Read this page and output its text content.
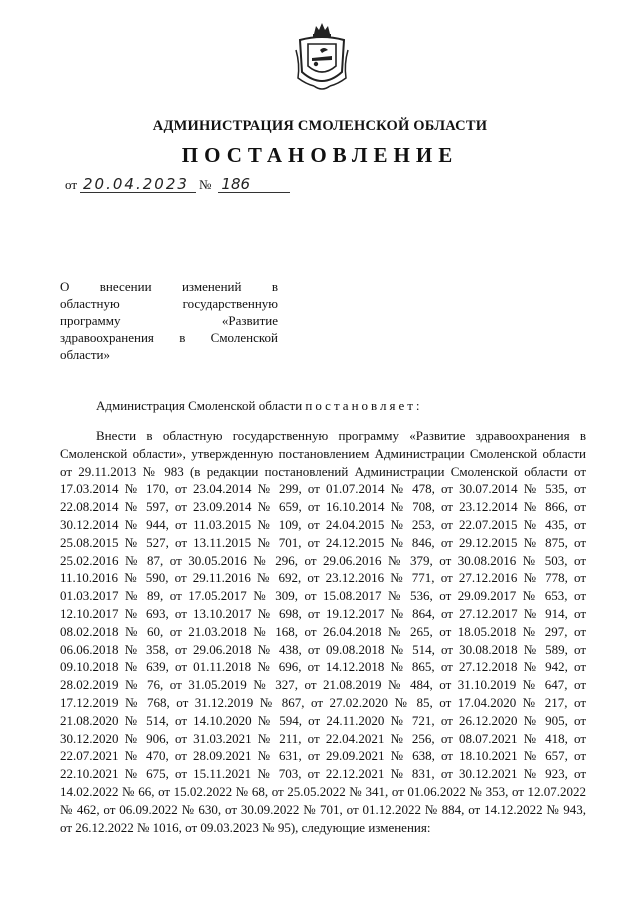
АДМИНИСТРАЦИЯ СМОЛЕНСКОЙ ОБЛАСТИ
ПОСТАНОВЛЕНИЕ
от 20.04.2023 № 186
О внесении изменений в
областную государственную
программу «Развитие
здравоохранения в Смоленской
области»
Администрация Смоленской области постановляет:
Внести в областную государственную программу «Развитие здравоохранения в Смоленской области», утвержденную постановлением Администрации Смоленской области от 29.11.2013 № 983 (в редакции постановлений Администрации Смоленской области от 17.03.2014 № 170, от 23.04.2014 № 299, от 01.07.2014 № 478, от 30.07.2014 № 535, от 22.08.2014 № 597, от 23.09.2014 № 659, от 16.10.2014 № 708, от 23.12.2014 № 866, от 30.12.2014 № 944, от 11.03.2015 № 109, от 24.04.2015 № 253, от 22.07.2015 № 435, от 25.08.2015 № 527, от 13.11.2015 № 701, от 24.12.2015 № 846, от 29.12.2015 № 875, от 25.02.2016 № 87, от 30.05.2016 № 296, от 29.06.2016 № 379, от 30.08.2016 № 503, от 11.10.2016 № 590, от 29.11.2016 № 692, от 23.12.2016 № 771, от 27.12.2016 № 778, от 01.03.2017 № 89, от 17.05.2017 № 309, от 15.08.2017 № 536, от 29.09.2017 № 653, от 12.10.2017 № 693, от 13.10.2017 № 698, от 19.12.2017 № 864, от 27.12.2017 № 914, от 08.02.2018 № 60, от 21.03.2018 № 168, от 26.04.2018 № 265, от 18.05.2018 № 297, от 06.06.2018 № 358, от 29.06.2018 № 438, от 09.08.2018 № 514, от 30.08.2018 № 589, от 09.10.2018 № 639, от 01.11.2018 № 696, от 14.12.2018 № 865, от 27.12.2018 № 942, от 28.02.2019 № 76, от 31.05.2019 № 327, от 21.08.2019 № 484, от 31.10.2019 № 647, от 17.12.2019 № 768, от 31.12.2019 № 867, от 27.02.2020 № 85, от 17.04.2020 № 217, от 21.08.2020 № 514, от 14.10.2020 № 594, от 24.11.2020 № 721, от 26.12.2020 № 905, от 30.12.2020 № 906, от 31.03.2021 № 211, от 22.04.2021 № 256, от 08.07.2021 № 418, от 22.07.2021 № 470, от 28.09.2021 № 631, от 29.09.2021 № 638, от 18.10.2021 № 657, от 22.10.2021 № 675, от 15.11.2021 № 703, от 22.12.2021 № 831, от 30.12.2021 № 923, от 14.02.2022 № 66, от 15.02.2022 № 68, от 25.05.2022 № 341, от 01.06.2022 № 353, от 12.07.2022 № 462, от 06.09.2022 № 630, от 30.09.2022 № 701, от 01.12.2022 № 884, от 14.12.2022 № 943, от 26.12.2022 № 1016, от 09.03.2023 № 95), следующие изменения:
